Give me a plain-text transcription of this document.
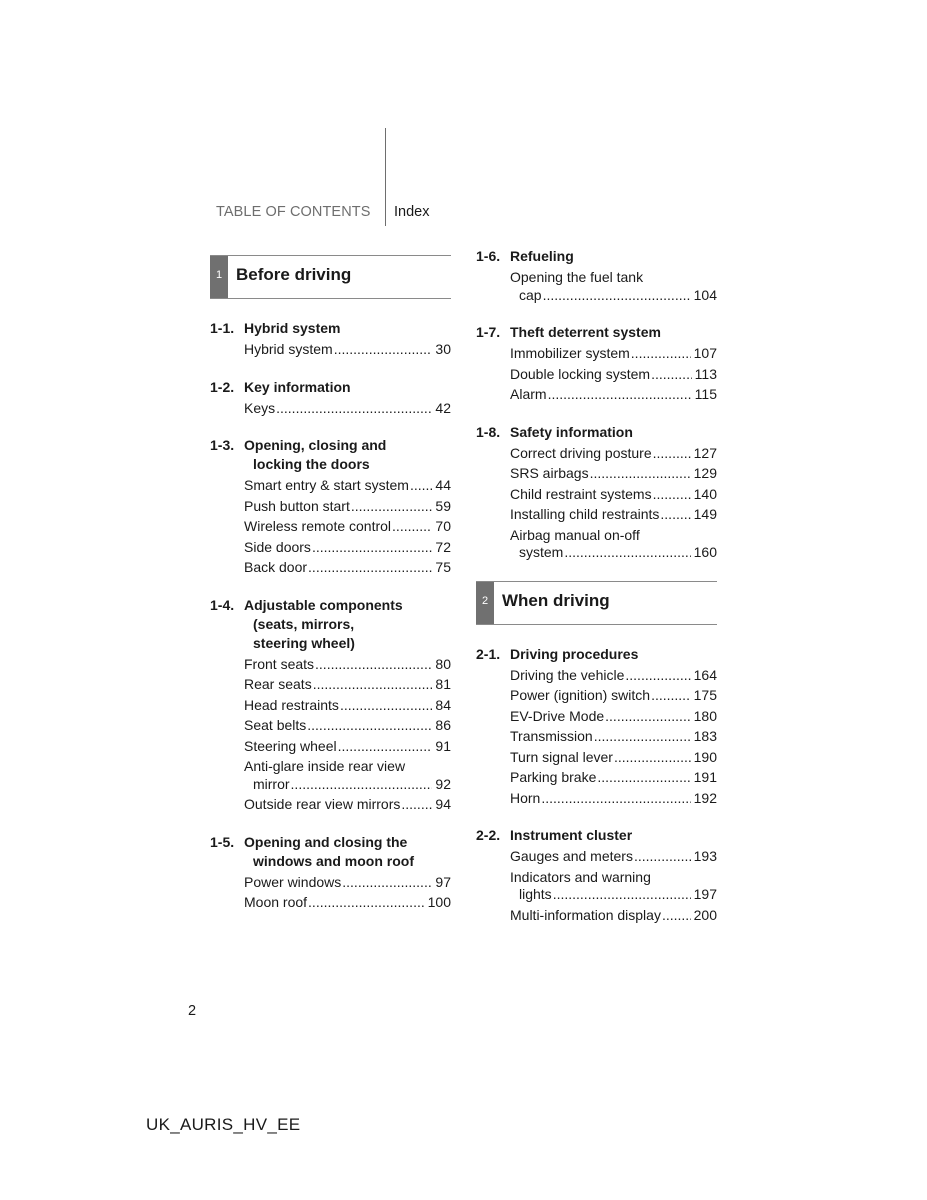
TABLE OF CONTENTS Index
1 Before driving
1-1. Hybrid system
Hybrid system .....	30
1-2. Key information
Keys .....	42
1-3. Opening, closing and
locking the doors
Smart entry & start system ..... 44
Push button start .....	59
Wireless remote control .....	70
Side doors .....	72
Back door .....	75
1-4. Adjustable components
(seats, mirrors,
steering wheel)
Front seats .....	80
Rear seats .....	81
Head restraints .....	84
Seat belts .....	86
Steering wheel .....	91
Anti-glare inside rear view
mirror .....	92
Outside rear view mirrors .....	94
1-5. Opening and closing the
windows and moon roof
Power windows .....	97
Moon roof .....	100
1-6. Refueling
Opening the fuel tank
cap .....	104
1-7. Theft deterrent system
Immobilizer system .....	107
Double locking system .....	113
Alarm .....	115
1-8. Safety information
Correct driving posture .....	127
SRS airbags .....	129
Child restraint systems .....	140
Installing child restraints ..... 149
Airbag manual on-off
system .....	160
2 When driving
2-1. Driving procedures
Driving the vehicle .....	164
Power (ignition) switch .....	175
EV-Drive Mode .....	180
Transmission .....	183
Turn signal lever .....	190
Parking brake .....	191
Horn .....	192
2-2. Instrument cluster
Gauges and meters .....	193
Indicators and warning
lights .....	197
Multi-information display ..... 200
2
UK_AURIS_HV_EE
